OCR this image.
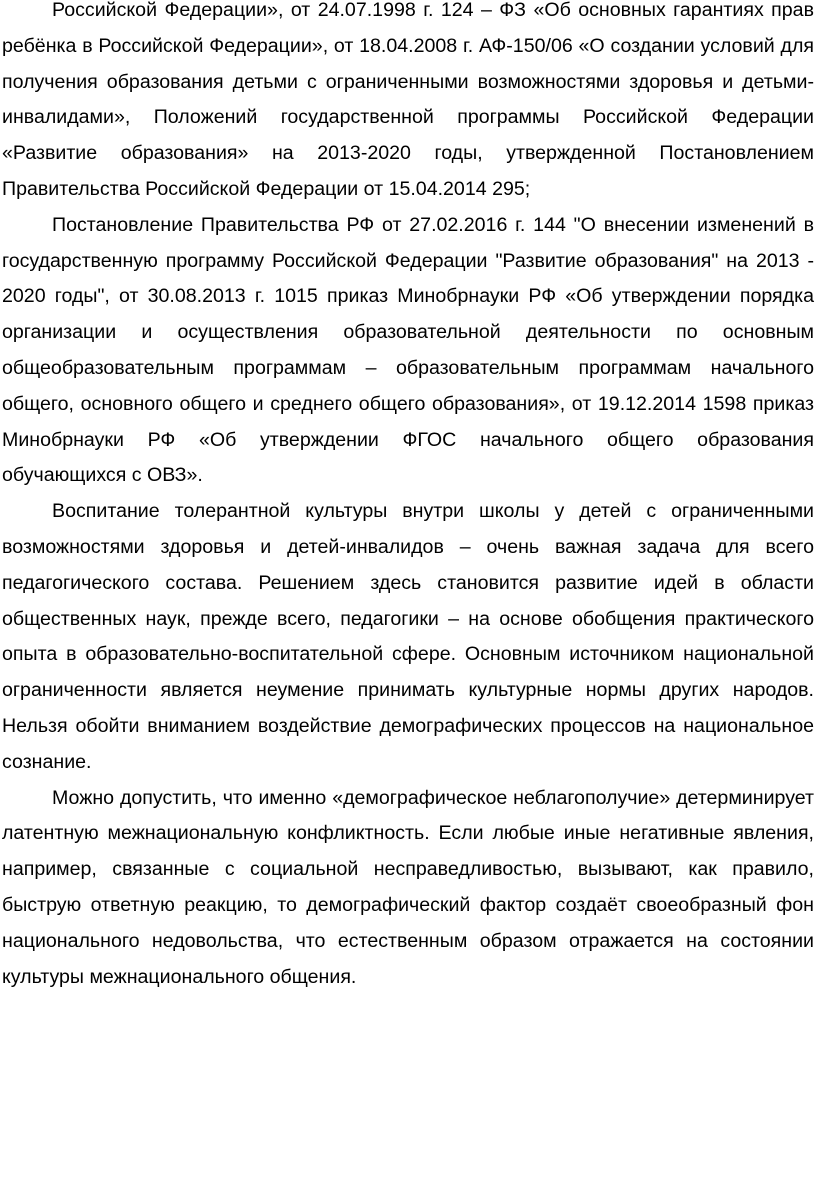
Российской Федерации», от 24.07.1998 г. 124 – ФЗ «Об основных гарантиях прав ребёнка в Российской Федерации», от 18.04.2008 г. АФ-150/06 «О создании условий для получения образования детьми с ограниченными возможностями здоровья и детьми-инвалидами», Положений государственной программы Российской Федерации «Развитие образования» на 2013-2020 годы, утвержденной Постановлением Правительства Российской Федерации от 15.04.2014 295;

Постановление Правительства РФ от 27.02.2016 г. 144 "О внесении изменений в государственную программу Российской Федерации "Развитие образования" на 2013 - 2020 годы", от 30.08.2013 г. 1015 приказ Минобрнауки РФ «Об утверждении порядка организации и осуществления образовательной деятельности по основным общеобразовательным программам – образовательным программам начального общего, основного общего и среднего общего образования», от 19.12.2014 1598 приказ Минобрнауки РФ «Об утверждении ФГОС начального общего образования обучающихся с ОВЗ».

Воспитание толерантной культуры внутри школы у детей с ограниченными возможностями здоровья и детей-инвалидов – очень важная задача для всего педагогического состава. Решением здесь становится развитие идей в области общественных наук, прежде всего, педагогики – на основе обобщения практического опыта в образовательно-воспитательной сфере. Основным источником национальной ограниченности является неумение принимать культурные нормы других народов. Нельзя обойти вниманием воздействие демографических процессов на национальное сознание.

Можно допустить, что именно «демографическое неблагополучие» детерминирует латентную межнациональную конфликтность. Если любые иные негативные явления, например, связанные с социальной несправедливостью, вызывают, как правило, быструю ответную реакцию, то демографический фактор создаёт своеобразный фон национального недовольства, что естественным образом отражается на состоянии культуры межнационального общения.
